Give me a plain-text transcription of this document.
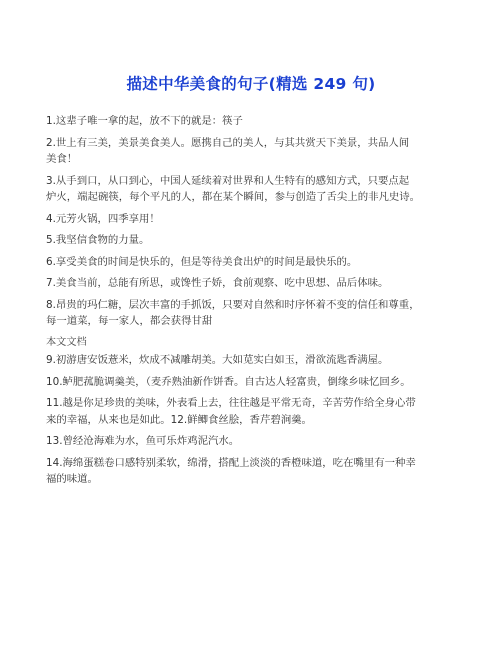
描述中华美食的句子(精选 249 句)

1.这辈子唯一拿的起，放不下的就是：筷子

2.世上有三美，美景美食美人。愿携自己的美人，与其共赏天下美景，共品人间
美食！

3.从手到口，从口到心，中国人延续着对世界和人生特有的感知方式，只要点起
炉火，端起碗筷，每个平凡的人，都在某个瞬间，参与创造了舌尖上的非凡史诗。

4.元芳火锅，四季享用！

5.我坚信食物的力量。

6.享受美食的时间是快乐的，但是等待美食出炉的时间是最快乐的。

7.美食当前，总能有所思，或馋性子娇，食前观察、吃中思想、品后体味。

8.昂贵的玛仁糖，层次丰富的手抓饭，只要对自然和时序怀着不变的信任和尊重，
每一道菜，每一家人，都会获得甘甜

本文文档

9.初游唐安饭薏米，炊成不减雕胡美。大如苋实白如玉，滑欲流匙香满屋。

10.鲈肥菰脆调羹美，（麦乔熟油新作饼香。自古达人轻富贵，倒缘乡味忆回乡。

11.越是你足珍贵的美味，外表看上去，往往越是平常无奇，辛苦劳作给全身心带
来的幸福，从来也是如此。12.鲜鲫食丝脍，香芹碧涧羹。

13.曾经沧海难为水，鱼可乐炸鸡泥汽水。

14.海绵蛋糕卷口感特别柔软，绵滑，搭配上淡淡的香橙味道，吃在嘴里有一种幸
福的味道。
